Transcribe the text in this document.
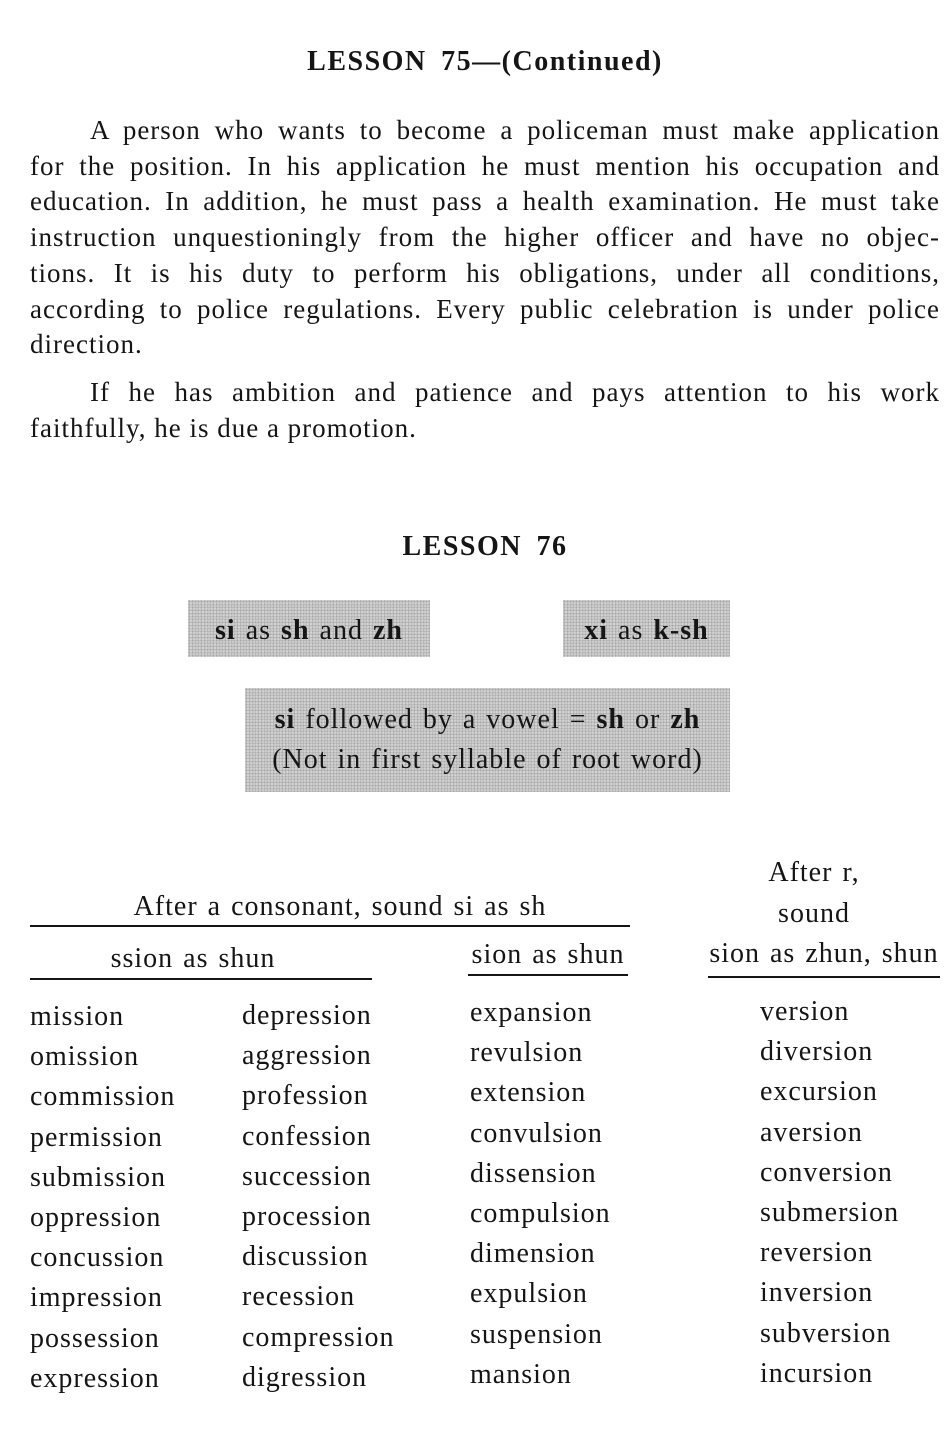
LESSON 75—(Continued)
A person who wants to become a policeman must make application
for the position. In his application he must mention his occupation and
education. In addition, he must pass a health examination. He must take
instruction unquestioningly from the higher officer and have no objec-
tions. It is his duty to perform his obligations, under all conditions,
according to police regulations. Every public celebration is under police
direction.
If he has ambition and patience and pays attention to his work
faithfully, he is due a promotion.
LESSON 76
si as sh and zh	xi as k-sh
si followed by a vowel = sh or zh
(Not in first syllable of root word)
After a consonant, sound si as sh
ssion as shun	sion as shun
After r,
sound
sion as zhun, shun
mission
omission
commission
permission
submission
oppression
concussion
impression
possession
expression
depression
aggression
profession
confession
succession
procession
discussion
recession
compression
digression
expansion
revulsion
extension
convulsion
dissension
compulsion
dimension
expulsion
suspension
mansion
version
diversion
excursion
aversion
conversion
submersion
reversion
inversion
subversion
incursion
